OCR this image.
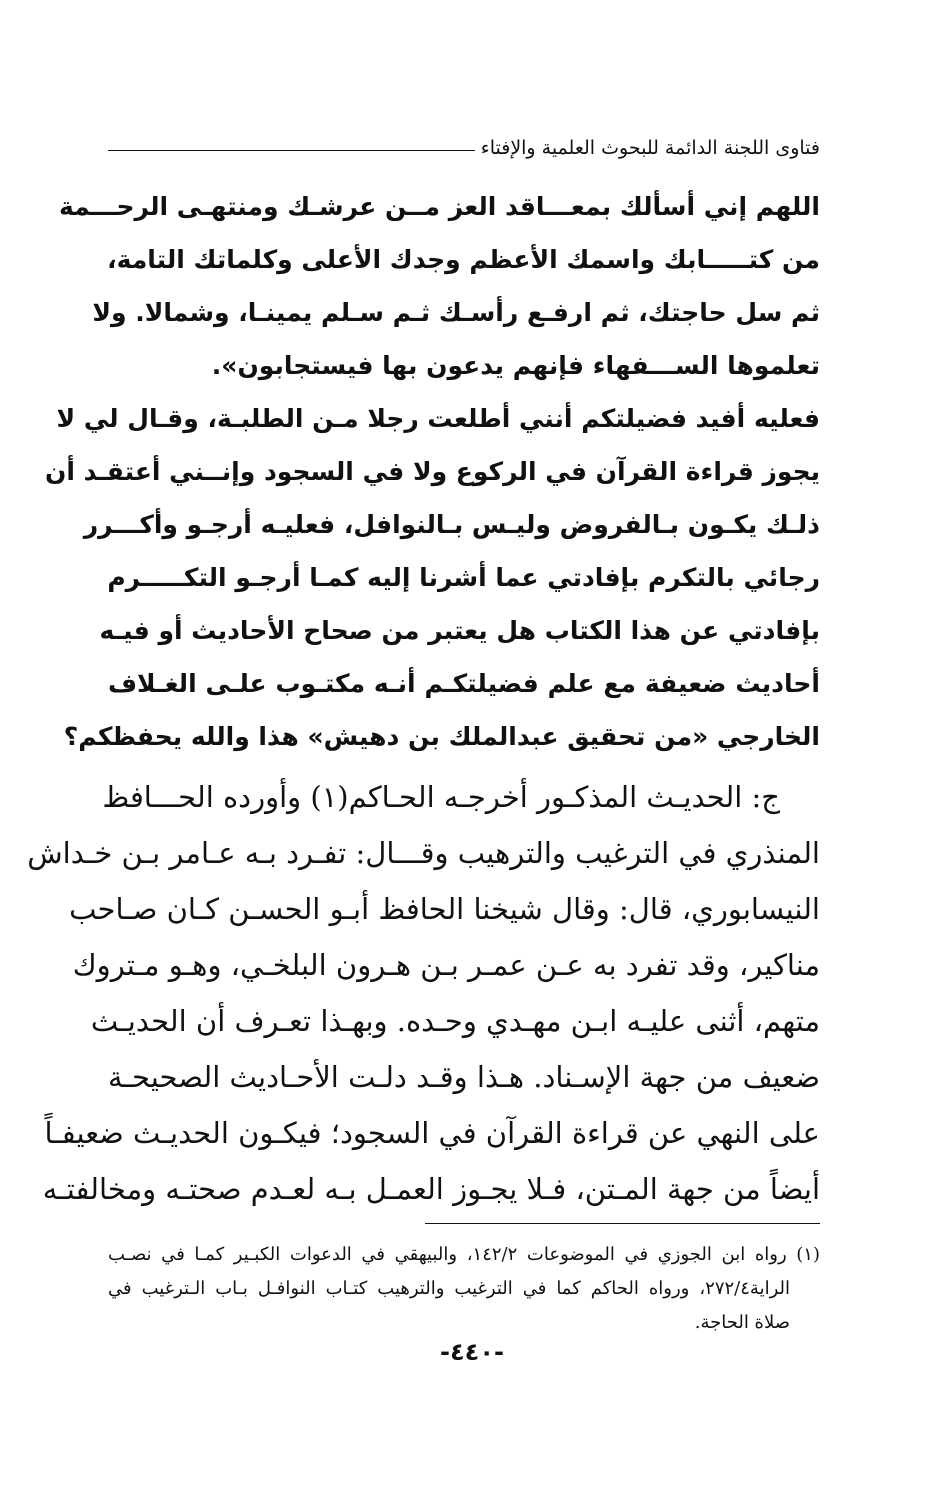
فتاوى اللجنة الدائمة للبحوث العلمية والإفتاء
اللهم إني أسألك بمعـــاقد العز مــن عرشـك ومنتهـى الرحـــمة
من كتـــــابك واسمك الأعظم وجدك الأعلى وكلماتك التامة،
ثم سل حاجتك، ثم ارفـع رأسـك ثـم سـلم يمينـا، وشمالا. ولا
تعلموها الســـفهاء فإنهم يدعون بها فيستجابون».
فعليه أفيد فضيلتكم أنني أطلعت رجلا مـن الطلبـة، وقـال لي لا
يجوز قراءة القرآن في الركوع ولا في السجود وإنــني أعتقـد أن
ذلـك يكـون بـالفروض وليـس بـالنوافل، فعليـه أرجـو وأكـــرر
رجائي بالتكرم بإفادتي عما أشرنا إليه كمـا أرجـو التكـــــرم
بإفادتي عن هذا الكتاب هل يعتبر من صحاح الأحاديث أو فيـه
أحاديث ضعيفة مع علم فضيلتكـم أنـه مكتـوب علـى الغـلاف
الخارجي «من تحقيق عبدالملك بن دهيش» هذا والله يحفظكم؟
ج: الحديـث المذكـور أخرجـه الحـاكم(١) وأورده الحـــافظ
المنذري في الترغيب والترهيب وقـــال: تفـرد بـه عـامر بـن خـداش
النيسابوري، قال: وقال شيخنا الحافظ أبـو الحسـن كـان صـاحب
مناكير، وقد تفرد به عـن عمـر بـن هـرون البلخـي، وهـو مـتروك
متهم، أثنى عليـه ابـن مهـدي وحـده. وبهـذا تعـرف أن الحديـث
ضعيف من جهة الإسـناد. هـذا وقـد دلـت الأحـاديث الصحيحـة
على النهي عن قراءة القرآن في السجود؛ فيكـون الحديـث ضعيفـاً
أيضاً من جهة المـتن، فـلا يجـوز العمـل بـه لعـدم صحتـه ومخالفتـه
(١) رواه ابن الجوزي في الموضوعات ١٤٢/٢، والبيهقي في الدعوات الكبـير كمـا في نصـب
الراية٢٧٢/٤، ورواه الحاكم كما في الترغيب والترهيب كتـاب النوافـل بـاب الـترغيب في
صلاة الحاجة.
-٤٤٠-
